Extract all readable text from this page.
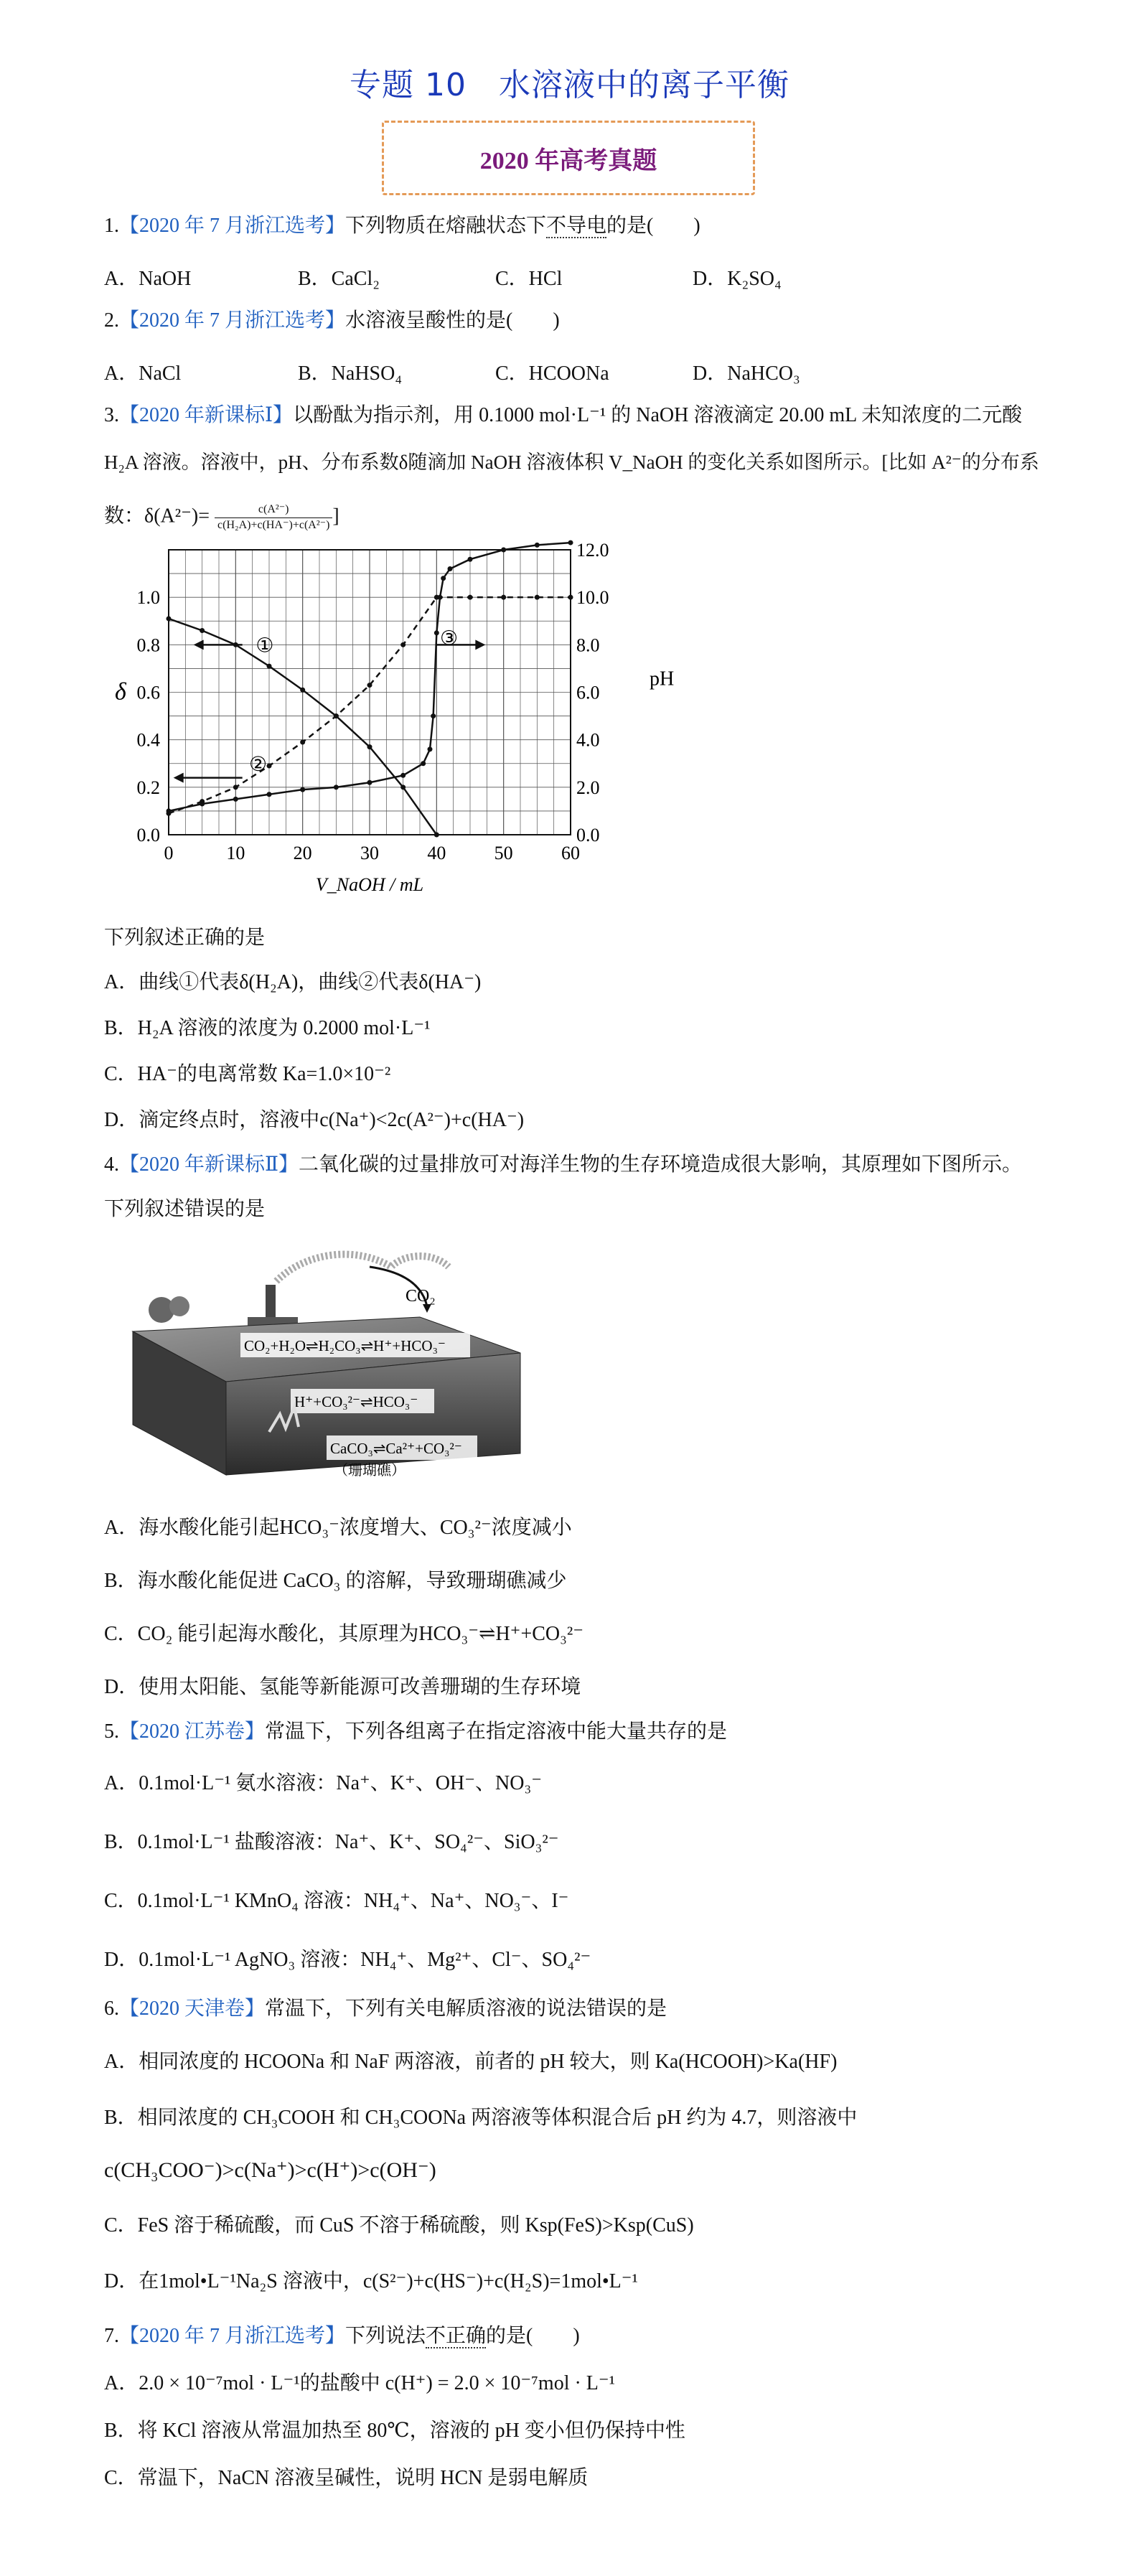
专题 10　水溶液中的离子平衡
2020 年高考真题
1.【2020 年 7 月浙江选考】下列物质在熔融状态下不导电的是(　　)
A．NaOH	B．CaCl₂	C．HCl	D．K₂SO₄
2.【2020 年 7 月浙江选考】水溶液呈酸性的是(　　)
A．NaCl	B．NaHSO₄	C．HCOONa	D．NaHCO₃
3.【2020 年新课标Ⅰ】以酚酞为指示剂，用 0.1000 mol·L⁻¹ 的 NaOH 溶液滴定 20.00 mL 未知浓度的二元酸
H₂A 溶液。溶液中，pH、分布系数δ随滴加 NaOH 溶液体积 V_NaOH 的变化关系如图所示。[比如 A²⁻的分布系
数：$\delta(A^{2-})= \frac{\text{c(A²⁻)}}{\text{c(H₂A)+c(HA⁻)+c(A²⁻)}}$ ]
0	10	20	30	40	50	60
0.0
0.2
0.4
0.6
0.8
1.0
0.0
2.0
4.0
6.0
8.0
10.0
12.0
V_NaOH / mL
δ	pH
①
②
③
下列叙述正确的是
A．曲线①代表δ(H₂A)，曲线②代表δ(HA⁻)
B．H₂A 溶液的浓度为 0.2000 mol·L⁻¹
C．HA⁻的电离常数 Ka=1.0×10⁻²
D．滴定终点时，溶液中c(Na⁺)<2c(A²⁻)+c(HA⁻)
4.【2020 年新课标Ⅱ】二氧化碳的过量排放可对海洋生物的生存环境造成很大影响，其原理如下图所示。
下列叙述错误的是
CO₂
CO₂+H₂O⇌H₂CO₃⇌H⁺+HCO₃⁻
H⁺+CO₃²⁻⇌HCO₃⁻
CaCO₃⇌Ca²⁺+CO₃²⁻
（珊瑚礁）
A．海水酸化能引起HCO₃⁻浓度增大、CO₃²⁻浓度减小
B．海水酸化能促进 CaCO₃ 的溶解，导致珊瑚礁减少
C．CO₂ 能引起海水酸化，其原理为HCO₃⁻⇌H⁺+CO₃²⁻
D．使用太阳能、氢能等新能源可改善珊瑚的生存环境
5.【2020 江苏卷】常温下，下列各组离子在指定溶液中能大量共存的是
A．0.1mol·L⁻¹ 氨水溶液：Na⁺、K⁺、OH⁻、NO₃⁻
B．0.1mol·L⁻¹ 盐酸溶液：Na⁺、K⁺、SO₄²⁻、SiO₃²⁻
C．0.1mol·L⁻¹ KMnO₄ 溶液：NH₄⁺、Na⁺、NO₃⁻、I⁻
D．0.1mol·L⁻¹ AgNO₃ 溶液：NH₄⁺、Mg²⁺、Cl⁻、SO₄²⁻
6.【2020 天津卷】常温下，下列有关电解质溶液的说法错误的是
A．相同浓度的 HCOONa 和 NaF 两溶液，前者的 pH 较大，则 Ka(HCOOH)>Ka(HF)
B．相同浓度的 CH₃COOH 和 CH₃COONa 两溶液等体积混合后 pH 约为 4.7，则溶液中
c(CH₃COO⁻)>c(Na⁺)>c(H⁺)>c(OH⁻)
C．FeS 溶于稀硫酸，而 CuS 不溶于稀硫酸，则 Ksp(FeS)>Ksp(CuS)
D．在1mol•L⁻¹Na₂S 溶液中，c(S²⁻)+c(HS⁻)+c(H₂S)=1mol•L⁻¹
7.【2020 年 7 月浙江选考】下列说法不正确的是(　　)
A．2.0 × 10⁻⁷mol · L⁻¹的盐酸中 c(H⁺) = 2.0 × 10⁻⁷mol · L⁻¹
B．将 KCl 溶液从常温加热至 80℃，溶液的 pH 变小但仍保持中性
C．常温下，NaCN 溶液呈碱性，说明 HCN 是弱电解质
